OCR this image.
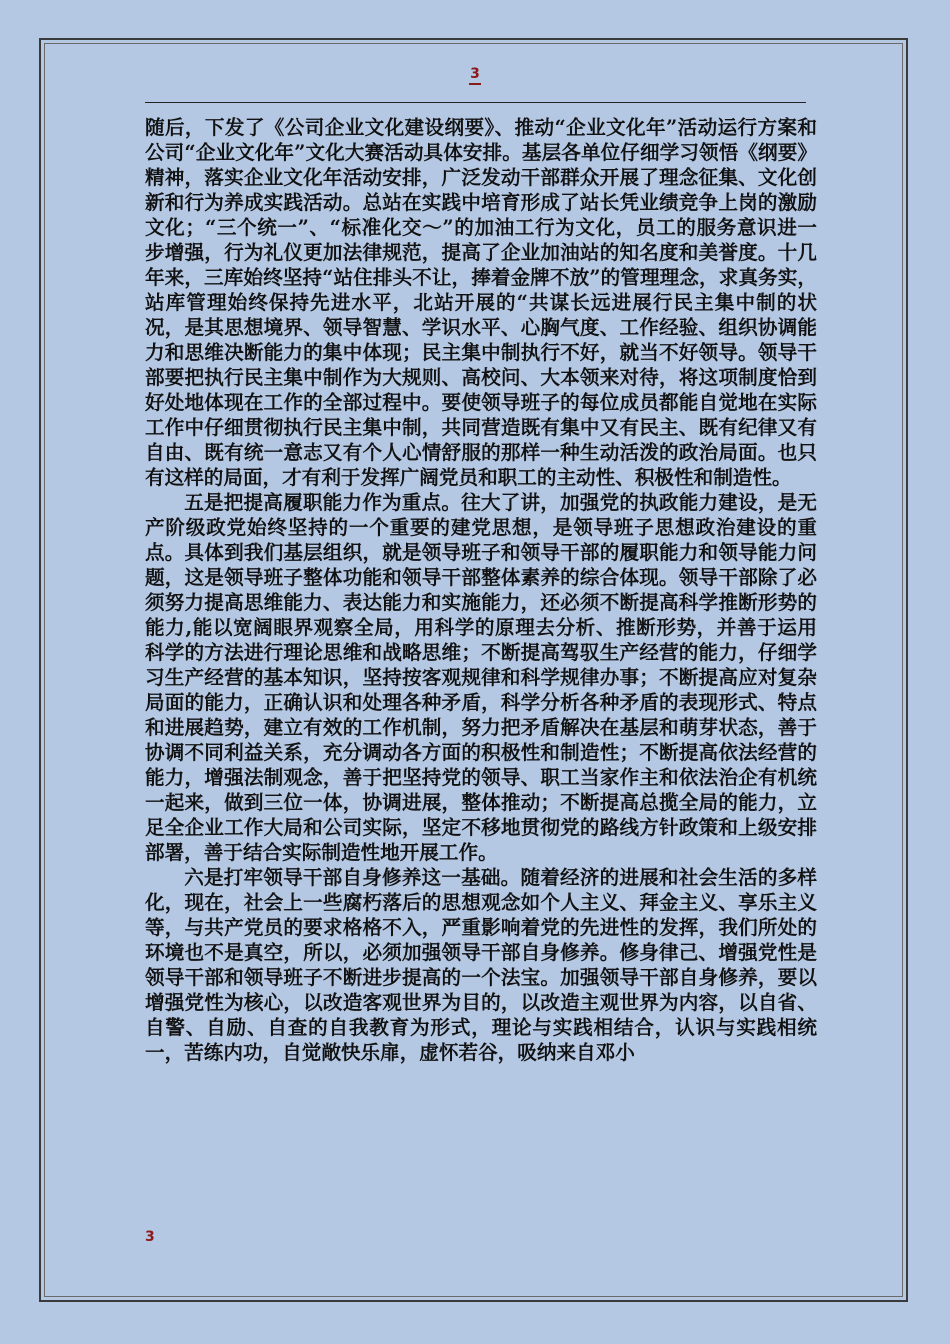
3

随后，下发了《公司企业文化建设纲要》、推动“企业文化年”活动运行方案和公司“企业文化年”文化大赛活动具体安排。基层各单位仔细学习领悟《纲要》精神，落实企业文化年活动安排，广泛发动干部群众开展了理念征集、文化创新和行为养成实践活动。总站在实践中培育形成了站长凭业绩竞争上岗的激励文化；“三个统一”、“标准化交～”的加油工行为文化，员工的服务意识进一步增强，行为礼仪更加法律规范，提高了企业加油站的知名度和美誉度。十几年来，三库始终坚持“站住排头不让，捧着金牌不放”的管理理念，求真务实，站库管理始终保持先进水平，北站开展的“共谋长远进展行民主集中制的状况，是其思想境界、领导智慧、学识水平、心胸气度、工作经验、组织协调能力和思维决断能力的集中体现；民主集中制执行不好，就当不好领导。领导干部要把执行民主集中制作为大规则、高校问、大本领来对待，将这项制度恰到好处地体现在工作的全部过程中。要使领导班子的每位成员都能自觉地在实际工作中仔细贯彻执行民主集中制，共同营造既有集中又有民主、既有纪律又有自由、既有统一意志又有个人心情舒服的那样一种生动活泼的政治局面。也只有这样的局面，才有利于发挥广阔党员和职工的主动性、积极性和制造性。

五是把提高履职能力作为重点。往大了讲，加强党的执政能力建设，是无产阶级政党始终坚持的一个重要的建党思想，是领导班子思想政治建设的重点。具体到我们基层组织，就是领导班子和领导干部的履职能力和领导能力问题，这是领导班子整体功能和领导干部整体素养的综合体现。领导干部除了必须努力提高思维能力、表达能力和实施能力，还必须不断提高科学推断形势的能力,能以宽阔眼界观察全局，用科学的原理去分析、推断形势，并善于运用科学的方法进行理论思维和战略思维；不断提高驾驭生产经营的能力，仔细学习生产经营的基本知识，坚持按客观规律和科学规律办事；不断提高应对复杂局面的能力，正确认识和处理各种矛盾，科学分析各种矛盾的表现形式、特点和进展趋势，建立有效的工作机制，努力把矛盾解决在基层和萌芽状态，善于协调不同利益关系，充分调动各方面的积极性和制造性；不断提高依法经营的能力，增强法制观念，善于把坚持党的领导、职工当家作主和依法治企有机统一起来，做到三位一体，协调进展，整体推动；不断提高总揽全局的能力，立足全企业工作大局和公司实际，坚定不移地贯彻党的路线方针政策和上级安排部署，善于结合实际制造性地开展工作。

六是打牢领导干部自身修养这一基础。随着经济的进展和社会生活的多样化，现在，社会上一些腐朽落后的思想观念如个人主义、拜金主义、享乐主义等，与共产党员的要求格格不入，严重影响着党的先进性的发挥，我们所处的环境也不是真空，所以，必须加强领导干部自身修养。修身律己、增强党性是领导干部和领导班子不断进步提高的一个法宝。加强领导干部自身修养，要以增强党性为核心，以改造客观世界为目的，以改造主观世界为内容，以自省、自警、自励、自查的自我教育为形式，理论与实践相结合，认识与实践相统一，苦练内功，自觉敞快乐扉，虚怀若谷，吸纳来自邓小

3
